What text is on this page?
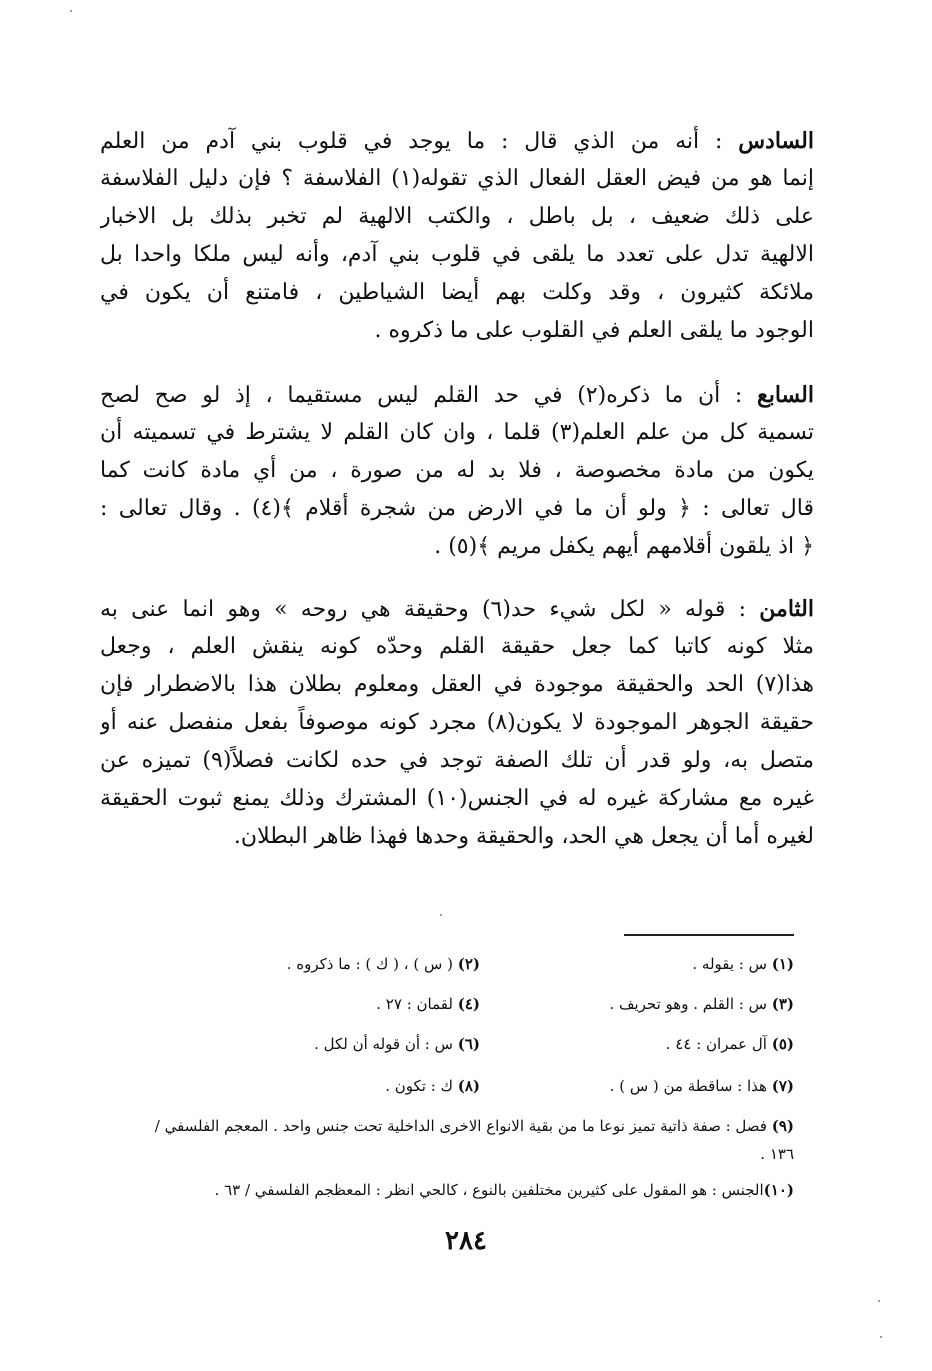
السادس : أنه من الذي قال : ما يوجد في قلوب بني آدم من العلم
إنما هو من فيض العقل الفعال الذي تقوله(١) الفلاسفة ؟ فإن دليل الفلاسفة
على ذلك ضعيف ، بل باطل ، والكتب الالهية لم تخبر بذلك بل الاخبار
الالهية تدل على تعدد ما يلقى في قلوب بني آدم، وأنه ليس ملكا واحدا بل
ملائكة كثيرون ، وقد وكلت بهم أيضا الشياطين ، فامتنع أن يكون في
الوجود ما يلقى العلم في القلوب على ما ذكروه .
السابع : أن ما ذكره(٢) في حد القلم ليس مستقيما ، إذ لو صح لصح
تسمية كل من علم العلم(٣) قلما ، وان كان القلم لا يشترط في تسميته أن
يكون من مادة مخصوصة ، فلا بد له من صورة ، من أي مادة كانت كما
قال تعالى : ﴿ ولو أن ما في الارض من شجرة أقلام ﴾(٤) . وقال تعالى :
﴿ اذ يلقون أقلامهم أيهم يكفل مريم ﴾(٥) .
الثامن : قوله « لكل شيء حد(٦) وحقيقة هي روحه » وهو انما عنى به
مثلا كونه كاتبا كما جعل حقيقة القلم وحدّه كونه ينقش العلم ، وجعل
هذا(٧) الحد والحقيقة موجودة في العقل ومعلوم بطلان هذا بالاضطرار فإن
حقيقة الجوهر الموجودة لا يكون(٨) مجرد كونه موصوفاً بفعل منفصل عنه أو
متصل به، ولو قدر أن تلك الصفة توجد في حده لكانت فصلاً(٩) تميزه عن
غيره مع مشاركة غيره له في الجنس(١٠) المشترك وذلك يمنع ثبوت الحقيقة
لغيره أما أن يجعل هي الحد، والحقيقة وحدها فهذا ظاهر البطلان.
(١) س : يقوله .
(٢) ( س ) ، ( ك ) : ما ذكروه .
(٣) س : القلم . وهو تحريف .
(٤) لقمان : ٢٧ .
(٥) آل عمران : ٤٤ .
(٦) س : أن قوله أن لكل .
(٧) هذا : ساقطة من ( س ) .
(٨) ك : تكون .
(٩) فصل : صفة ذاتية تميز نوعا ما من بقية الانواع الاخرى الداخلية تحت جنس واحد . المعجم الفلسفي / ١٣٦ .
(١٠)الجنس : هو المقول على كثيرين مختلفين بالنوع ، كالحي انظر : المعظجم الفلسفي / ٦٣ .
٢٨٤
